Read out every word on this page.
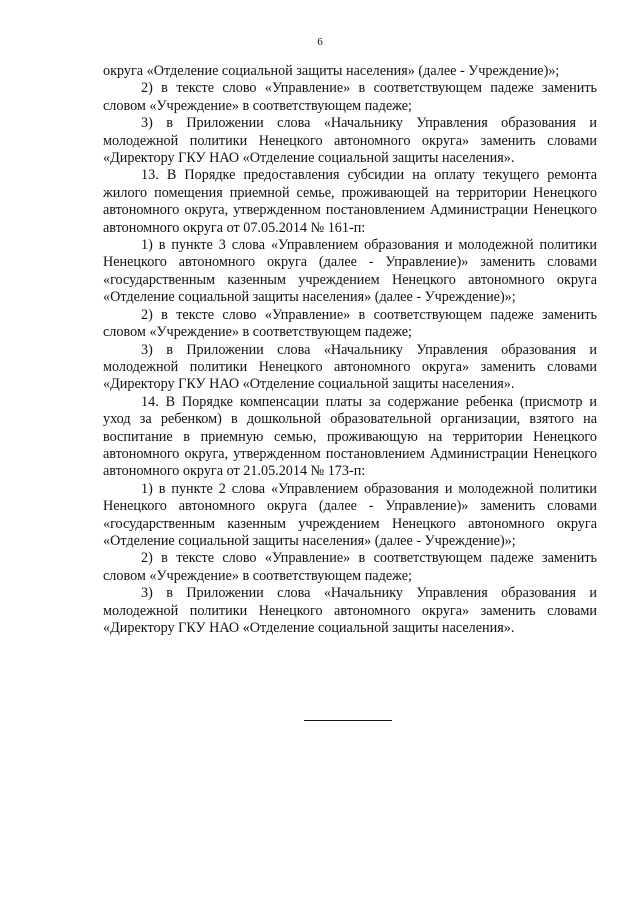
6

округа «Отделение социальной защиты населения» (далее - Учреждение)»;

2) в тексте слово «Управление» в соответствующем падеже заменить словом «Учреждение» в соответствующем падеже;

3) в Приложении слова «Начальнику Управления образования и молодежной политики Ненецкого автономного округа» заменить словами «Директору ГКУ НАО «Отделение социальной защиты населения».

13. В Порядке предоставления субсидии на оплату текущего ремонта жилого помещения приемной семье, проживающей на территории Ненецкого автономного округа, утвержденном постановлением Администрации Ненецкого автономного округа от 07.05.2014 № 161-п:

1) в пункте 3 слова «Управлением образования и молодежной политики Ненецкого автономного округа (далее - Управление)» заменить словами «государственным казенным учреждением Ненецкого автономного округа «Отделение социальной защиты населения» (далее - Учреждение)»;

2) в тексте слово «Управление» в соответствующем падеже заменить словом «Учреждение» в соответствующем падеже;

3) в Приложении слова «Начальнику Управления образования и молодежной политики Ненецкого автономного округа» заменить словами «Директору ГКУ НАО «Отделение социальной защиты населения».

14. В Порядке компенсации платы за содержание ребенка (присмотр и уход за ребенком) в дошкольной образовательной организации, взятого на воспитание в приемную семью, проживающую на территории Ненецкого автономного округа, утвержденном постановлением Администрации Ненецкого автономного округа от 21.05.2014 № 173-п:

1) в пункте 2 слова «Управлением образования и молодежной политики Ненецкого автономного округа (далее - Управление)» заменить словами «государственным казенным учреждением Ненецкого автономного округа «Отделение социальной защиты населения» (далее - Учреждение)»;

2) в тексте слово «Управление» в соответствующем падеже заменить словом «Учреждение» в соответствующем падеже;

3) в Приложении слова «Начальнику Управления образования и молодежной политики Ненецкого автономного округа» заменить словами «Директору ГКУ НАО «Отделение социальной защиты населения».
